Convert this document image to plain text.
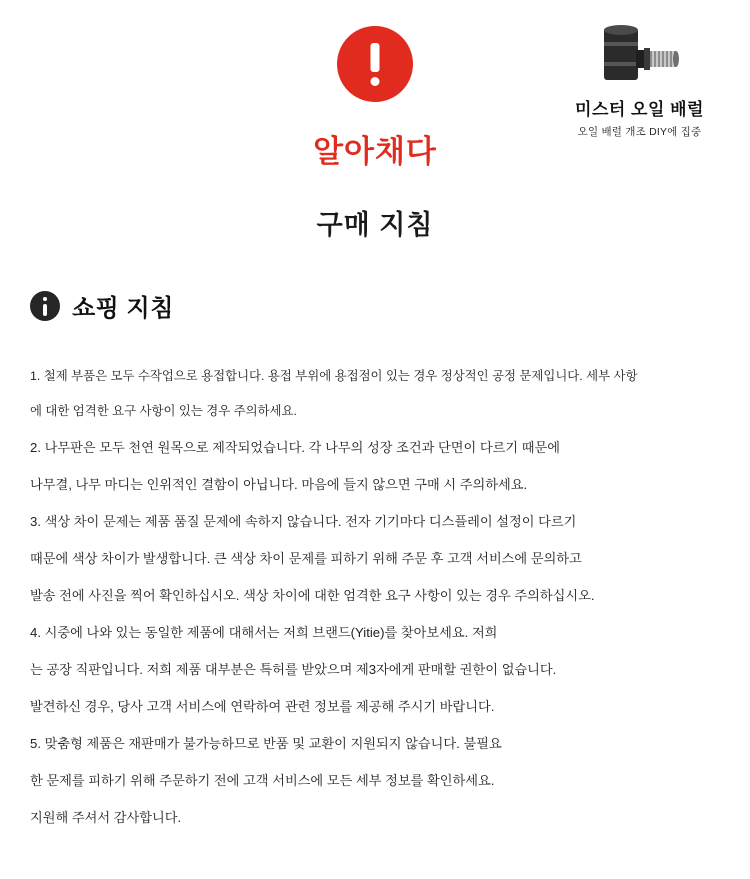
미스터 오일 배럴
오일 배럴 개조 DIY에 집중
알아채다
구매 지침
쇼핑 지침

1. 철제 부품은 모두 수작업으로 용접합니다. 용접 부위에 용접점이 있는 경우 정상적인 공정 문제입니다. 세부 사항

에 대한 엄격한 요구 사항이 있는 경우 주의하세요.

2. 나무판은 모두 천연 원목으로 제작되었습니다. 각 나무의 성장 조건과 단면이 다르기 때문에

나무결, 나무 마디는 인위적인 결함이 아닙니다. 마음에 들지 않으면 구매 시 주의하세요.

3. 색상 차이 문제는 제품 품질 문제에 속하지 않습니다. 전자 기기마다 디스플레이 설정이 다르기

때문에 색상 차이가 발생합니다. 큰 색상 차이 문제를 피하기 위해 주문 후 고객 서비스에 문의하고

발송 전에 사진을 찍어 확인하십시오. 색상 차이에 대한 엄격한 요구 사항이 있는 경우 주의하십시오.

4. 시중에 나와 있는 동일한 제품에 대해서는 저희 브랜드(Yitie)를 찾아보세요. 저희

는 공장 직판입니다. 저희 제품 대부분은 특허를 받았으며 제3자에게 판매할 권한이 없습니다.

발견하신 경우, 당사 고객 서비스에 연락하여 관련 정보를 제공해 주시기 바랍니다.

5. 맞춤형 제품은 재판매가 불가능하므로 반품 및 교환이 지원되지 않습니다. 불필요

한 문제를 피하기 위해 주문하기 전에 고객 서비스에 모든 세부 정보를 확인하세요.

지원해 주셔서 감사합니다.
